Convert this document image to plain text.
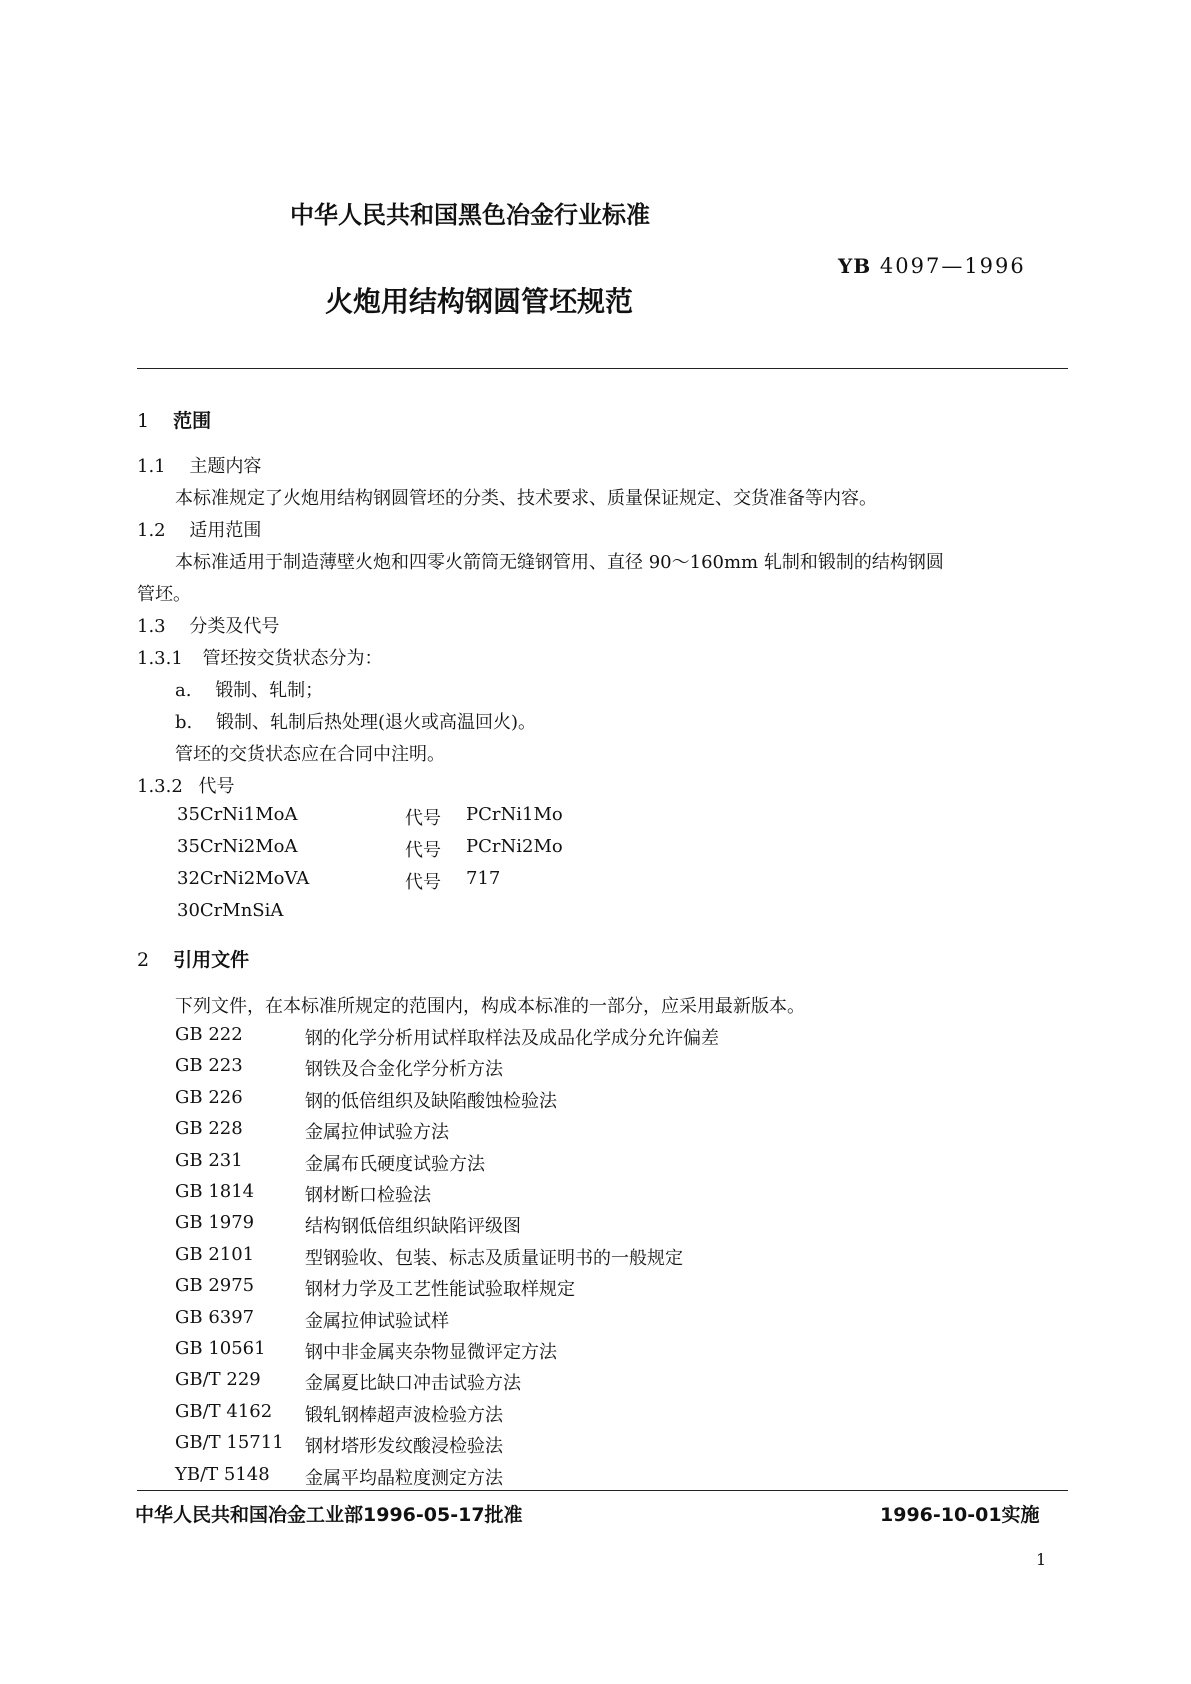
中华人民共和国黑色冶金行业标准
YB 4097—1996
火炮用结构钢圆管坯规范
1 范围
1.1 主题内容
本标准规定了火炮用结构钢圆管坯的分类、技术要求、质量保证规定、交货准备等内容。
1.2 适用范围
本标准适用于制造薄壁火炮和四零火箭筒无缝钢管用、直径 90～160mm 轧制和锻制的结构钢圆
管坯。
1.3 分类及代号
1.3.1 管坯按交货状态分为：
a. 锻制、轧制；
b. 锻制、轧制后热处理(退火或高温回火)。
管坯的交货状态应在合同中注明。
1.3.2 代号
35CrNi1MoA	代号 PCrNi1Mo
35CrNi2MoA	代号 PCrNi2Mo
32CrNi2MoVA	代号 717
30CrMnSiA
2 引用文件
下列文件，在本标准所规定的范围内，构成本标准的一部分，应采用最新版本。
GB 222	钢的化学分析用试样取样法及成品化学成分允许偏差
GB 223	钢铁及合金化学分析方法
GB 226	钢的低倍组织及缺陷酸蚀检验法
GB 228	金属拉伸试验方法
GB 231	金属布氏硬度试验方法
GB 1814	钢材断口检验法
GB 1979	结构钢低倍组织缺陷评级图
GB 2101	型钢验收、包装、标志及质量证明书的一般规定
GB 2975	钢材力学及工艺性能试验取样规定
GB 6397	金属拉伸试验试样
GB 10561 钢中非金属夹杂物显微评定方法
GB/T 229 金属夏比缺口冲击试验方法
GB/T 4162 锻轧钢棒超声波检验方法
GB/T 15711 钢材塔形发纹酸浸检验法
YB/T 5148 金属平均晶粒度测定方法
中华人民共和国冶金工业部1996-05-17批准	1996-10-01实施
1
